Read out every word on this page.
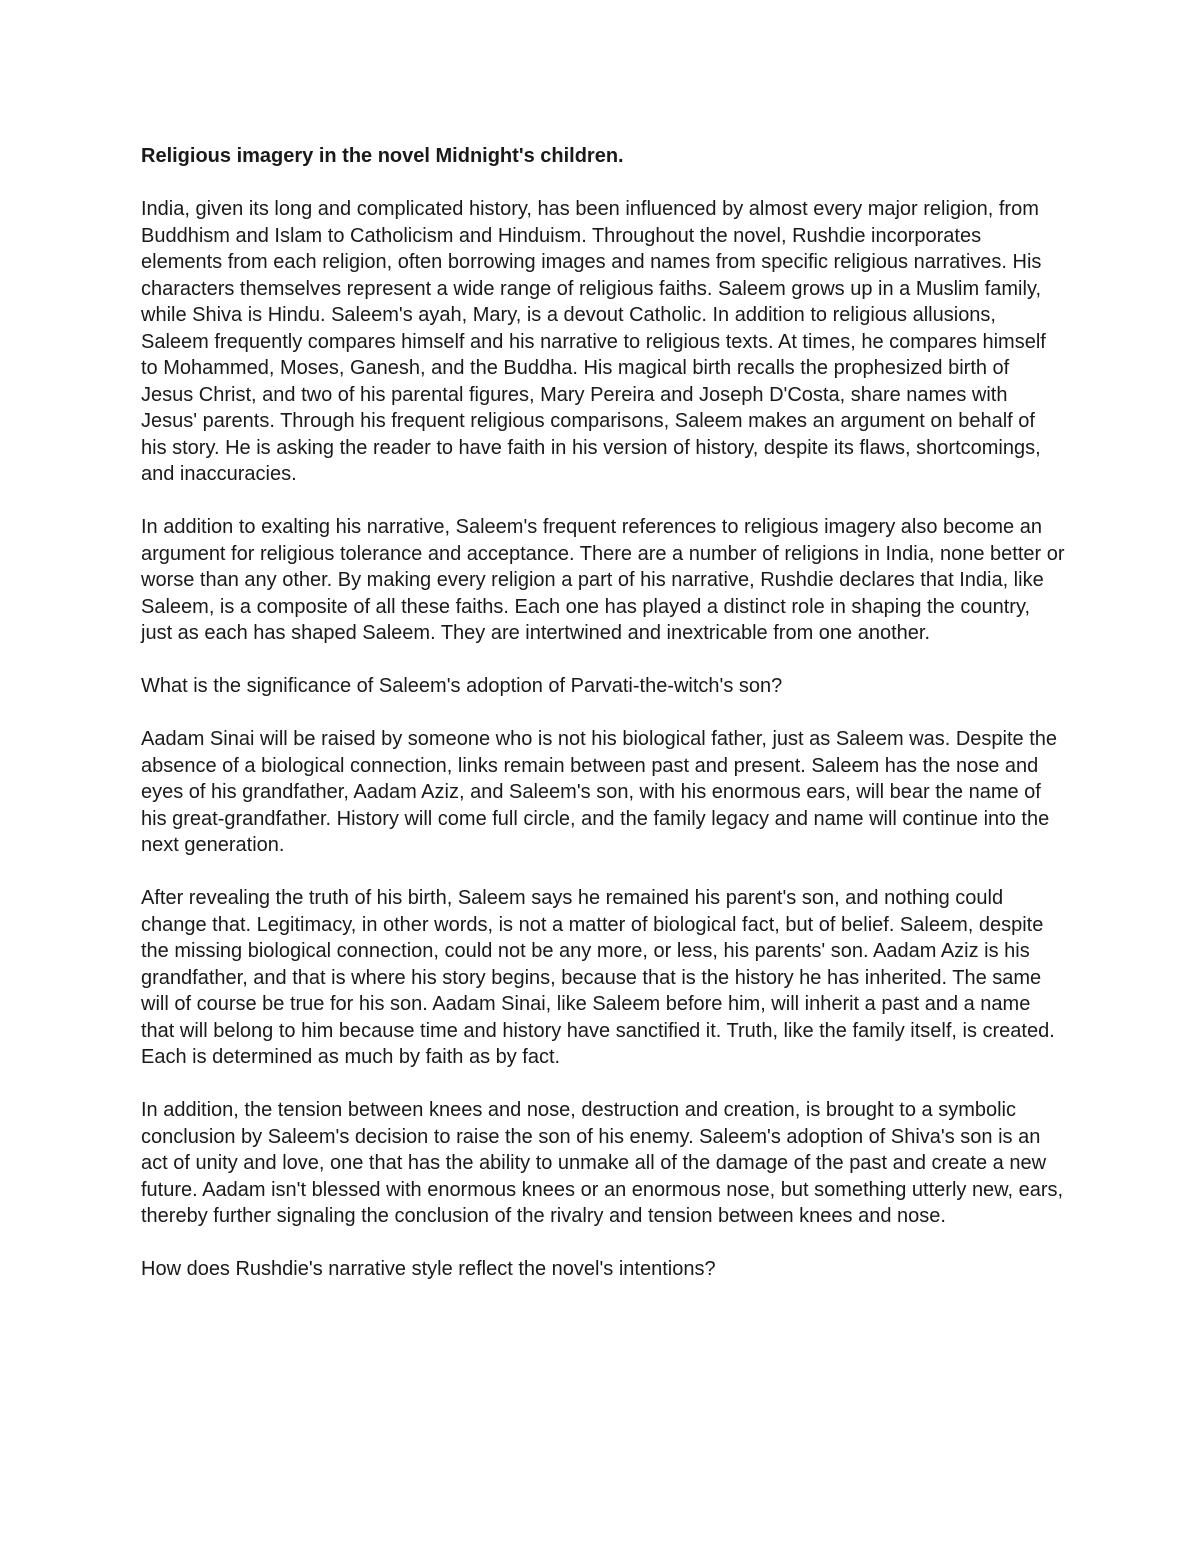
Religious imagery in the novel Midnight's children.

India, given its long and complicated history, has been influenced by almost every major religion, from Buddhism and Islam to Catholicism and Hinduism. Throughout the novel, Rushdie incorporates elements from each religion, often borrowing images and names from specific religious narratives. His characters themselves represent a wide range of religious faiths. Saleem grows up in a Muslim family, while Shiva is Hindu. Saleem's ayah, Mary, is a devout Catholic. In addition to religious allusions, Saleem frequently compares himself and his narrative to religious texts. At times, he compares himself to Mohammed, Moses, Ganesh, and the Buddha. His magical birth recalls the prophesized birth of Jesus Christ, and two of his parental figures, Mary Pereira and Joseph D'Costa, share names with Jesus' parents. Through his frequent religious comparisons, Saleem makes an argument on behalf of his story. He is asking the reader to have faith in his version of history, despite its flaws, shortcomings, and inaccuracies.

In addition to exalting his narrative, Saleem's frequent references to religious imagery also become an argument for religious tolerance and acceptance. There are a number of religions in India, none better or worse than any other. By making every religion a part of his narrative, Rushdie declares that India, like Saleem, is a composite of all these faiths. Each one has played a distinct role in shaping the country, just as each has shaped Saleem. They are intertwined and inextricable from one another.

What is the significance of Saleem's adoption of Parvati-the-witch's son?

Aadam Sinai will be raised by someone who is not his biological father, just as Saleem was. Despite the absence of a biological connection, links remain between past and present. Saleem has the nose and eyes of his grandfather, Aadam Aziz, and Saleem's son, with his enormous ears, will bear the name of his great-grandfather. History will come full circle, and the family legacy and name will continue into the next generation.

After revealing the truth of his birth, Saleem says he remained his parent's son, and nothing could change that. Legitimacy, in other words, is not a matter of biological fact, but of belief. Saleem, despite the missing biological connection, could not be any more, or less, his parents' son. Aadam Aziz is his grandfather, and that is where his story begins, because that is the history he has inherited. The same will of course be true for his son. Aadam Sinai, like Saleem before him, will inherit a past and a name that will belong to him because time and history have sanctified it. Truth, like the family itself, is created. Each is determined as much by faith as by fact.

In addition, the tension between knees and nose, destruction and creation, is brought to a symbolic conclusion by Saleem's decision to raise the son of his enemy. Saleem's adoption of Shiva's son is an act of unity and love, one that has the ability to unmake all of the damage of the past and create a new future. Aadam isn't blessed with enormous knees or an enormous nose, but something utterly new, ears, thereby further signaling the conclusion of the rivalry and tension between knees and nose.

How does Rushdie's narrative style reflect the novel's intentions?
